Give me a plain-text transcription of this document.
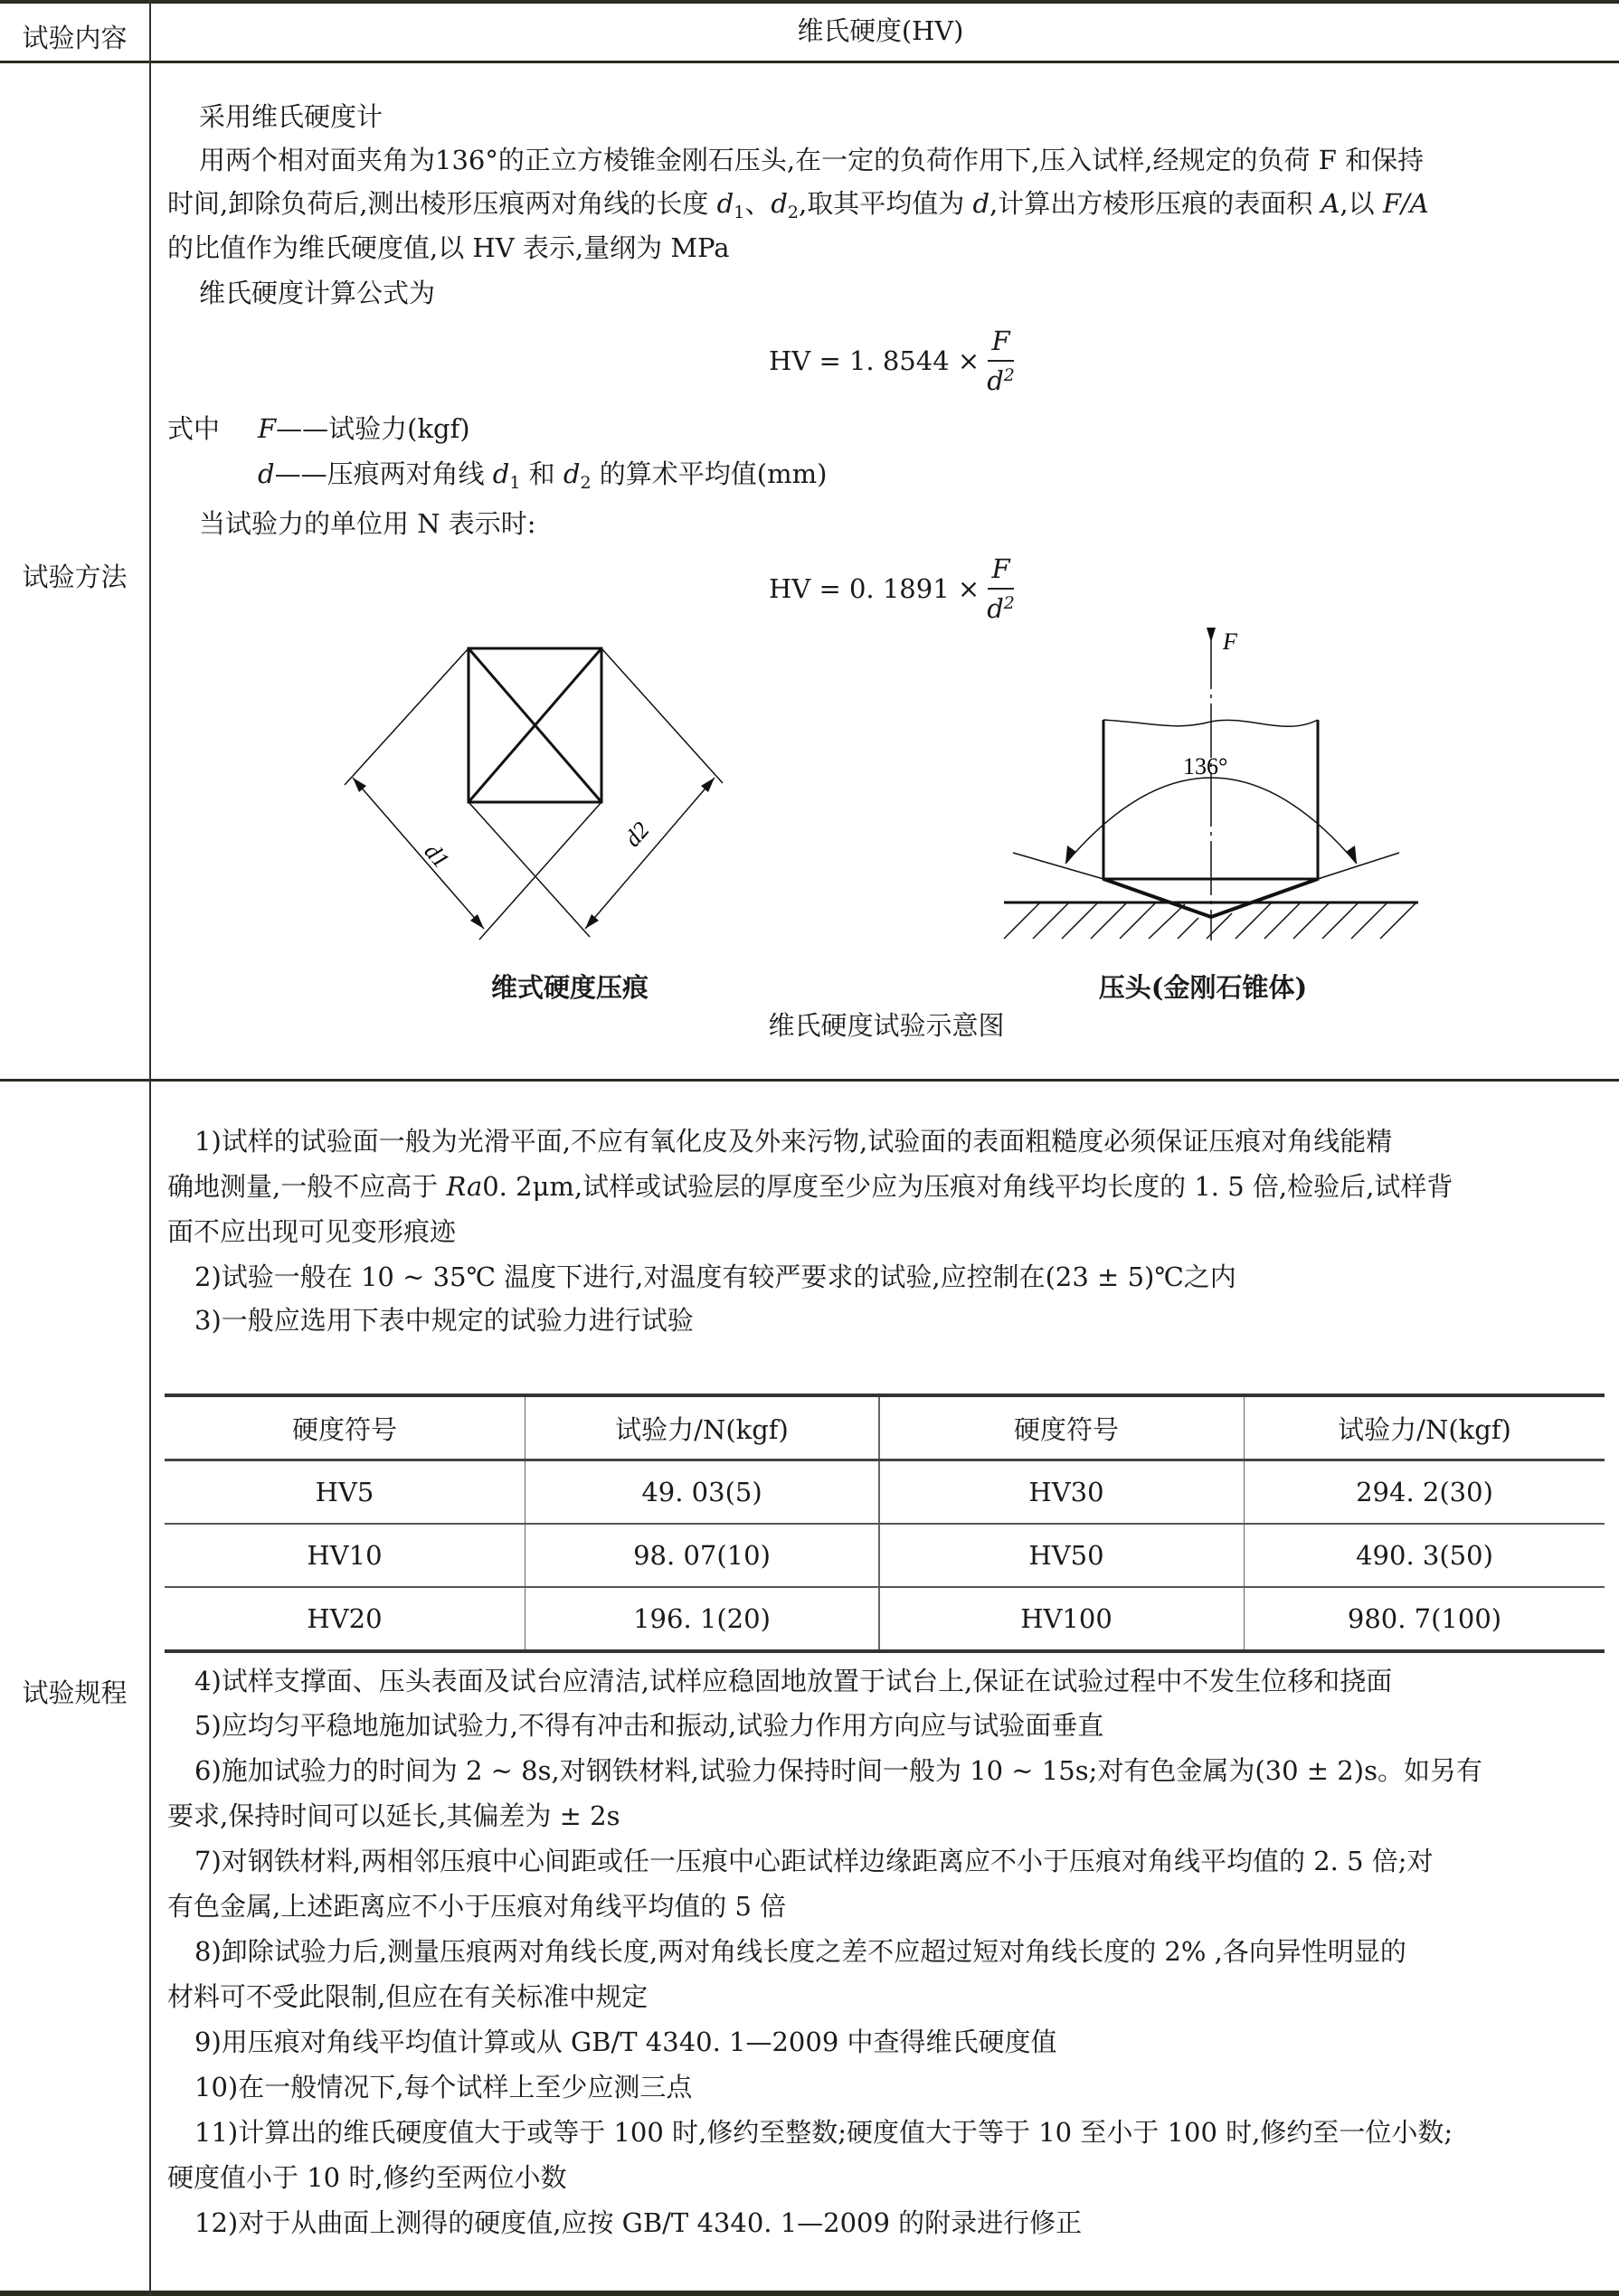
试验内容	维氏硬度(HV)
试验方法
采用维氏硬度计
用两个相对面夹角为136°的正立方棱锥金刚石压头,在一定的负荷作用下,压入试样,经规定的负荷 F 和保持
时间,卸除负荷后,测出棱形压痕两对角线的长度 $d_1$、$d_2$,取其平均值为 d,计算出方棱形压痕的表面积 A,以 F/A
的比值作为维氏硬度值,以 HV 表示,量纲为 MPa
维氏硬度计算公式为
HV = 1. $8544 \times \frac{F}{d^2}$
式中 F——试验力(kgf)
d——压痕两对角线 $d_1$ 和 $d_2$ 的算术平均值(mm)
当试验力的单位用 N 表示时:
HV = 0. $1891 \times \frac{F}{d^2}$
d1
d2
维式硬度压痕
F
136°
压头(金刚石锥体)
维氏硬度试验示意图
试验规程
1)试样的试验面一般为光滑平面,不应有氧化皮及外来污物,试验面的表面粗糙度必须保证压痕对角线能精
确地测量,一般不应高于 Ra0. 2μm,试样或试验层的厚度至少应为压痕对角线平均长度的 1. 5 倍,检验后,试样背
面不应出现可见变形痕迹
2)试验一般在 10 ~ 35℃ 温度下进行,对温度有较严要求的试验,应控制在(23 ± 5)℃之内
3)一般应选用下表中规定的试验力进行试验
硬度符号	试验力/N(kgf)		硬度符号	试验力/N(kgf)
HV5	49. 03(5)		HV30	294. 2(30)
HV10	98. 07(10)		HV50	490. 3(50)
HV20	196. 1(20)		HV100	980. 7(100)
4)试样支撑面、压头表面及试台应清洁,试样应稳固地放置于试台上,保证在试验过程中不发生位移和挠面
5)应均匀平稳地施加试验力,不得有冲击和振动,试验力作用方向应与试验面垂直
6)施加试验力的时间为 2 ~ 8s,对钢铁材料,试验力保持时间一般为 10 ~ 15s;对有色金属为(30 ± 2)s。如另有
要求,保持时间可以延长,其偏差为 ± 2s
7)对钢铁材料,两相邻压痕中心间距或任一压痕中心距试样边缘距离应不小于压痕对角线平均值的 2. 5 倍;对
有色金属,上述距离应不小于压痕对角线平均值的 5 倍
8)卸除试验力后,测量压痕两对角线长度,两对角线长度之差不应超过短对角线长度的 2% ,各向异性明显的
材料可不受此限制,但应在有关标准中规定
9)用压痕对角线平均值计算或从 GB/T 4340. 1—2009 中查得维氏硬度值
10)在一般情况下,每个试样上至少应测三点
11)计算出的维氏硬度值大于或等于 100 时,修约至整数;硬度值大于等于 10 至小于 100 时,修约至一位小数;
硬度值小于 10 时,修约至两位小数
12)对于从曲面上测得的硬度值,应按 GB/T 4340. 1—2009 的附录进行修正
